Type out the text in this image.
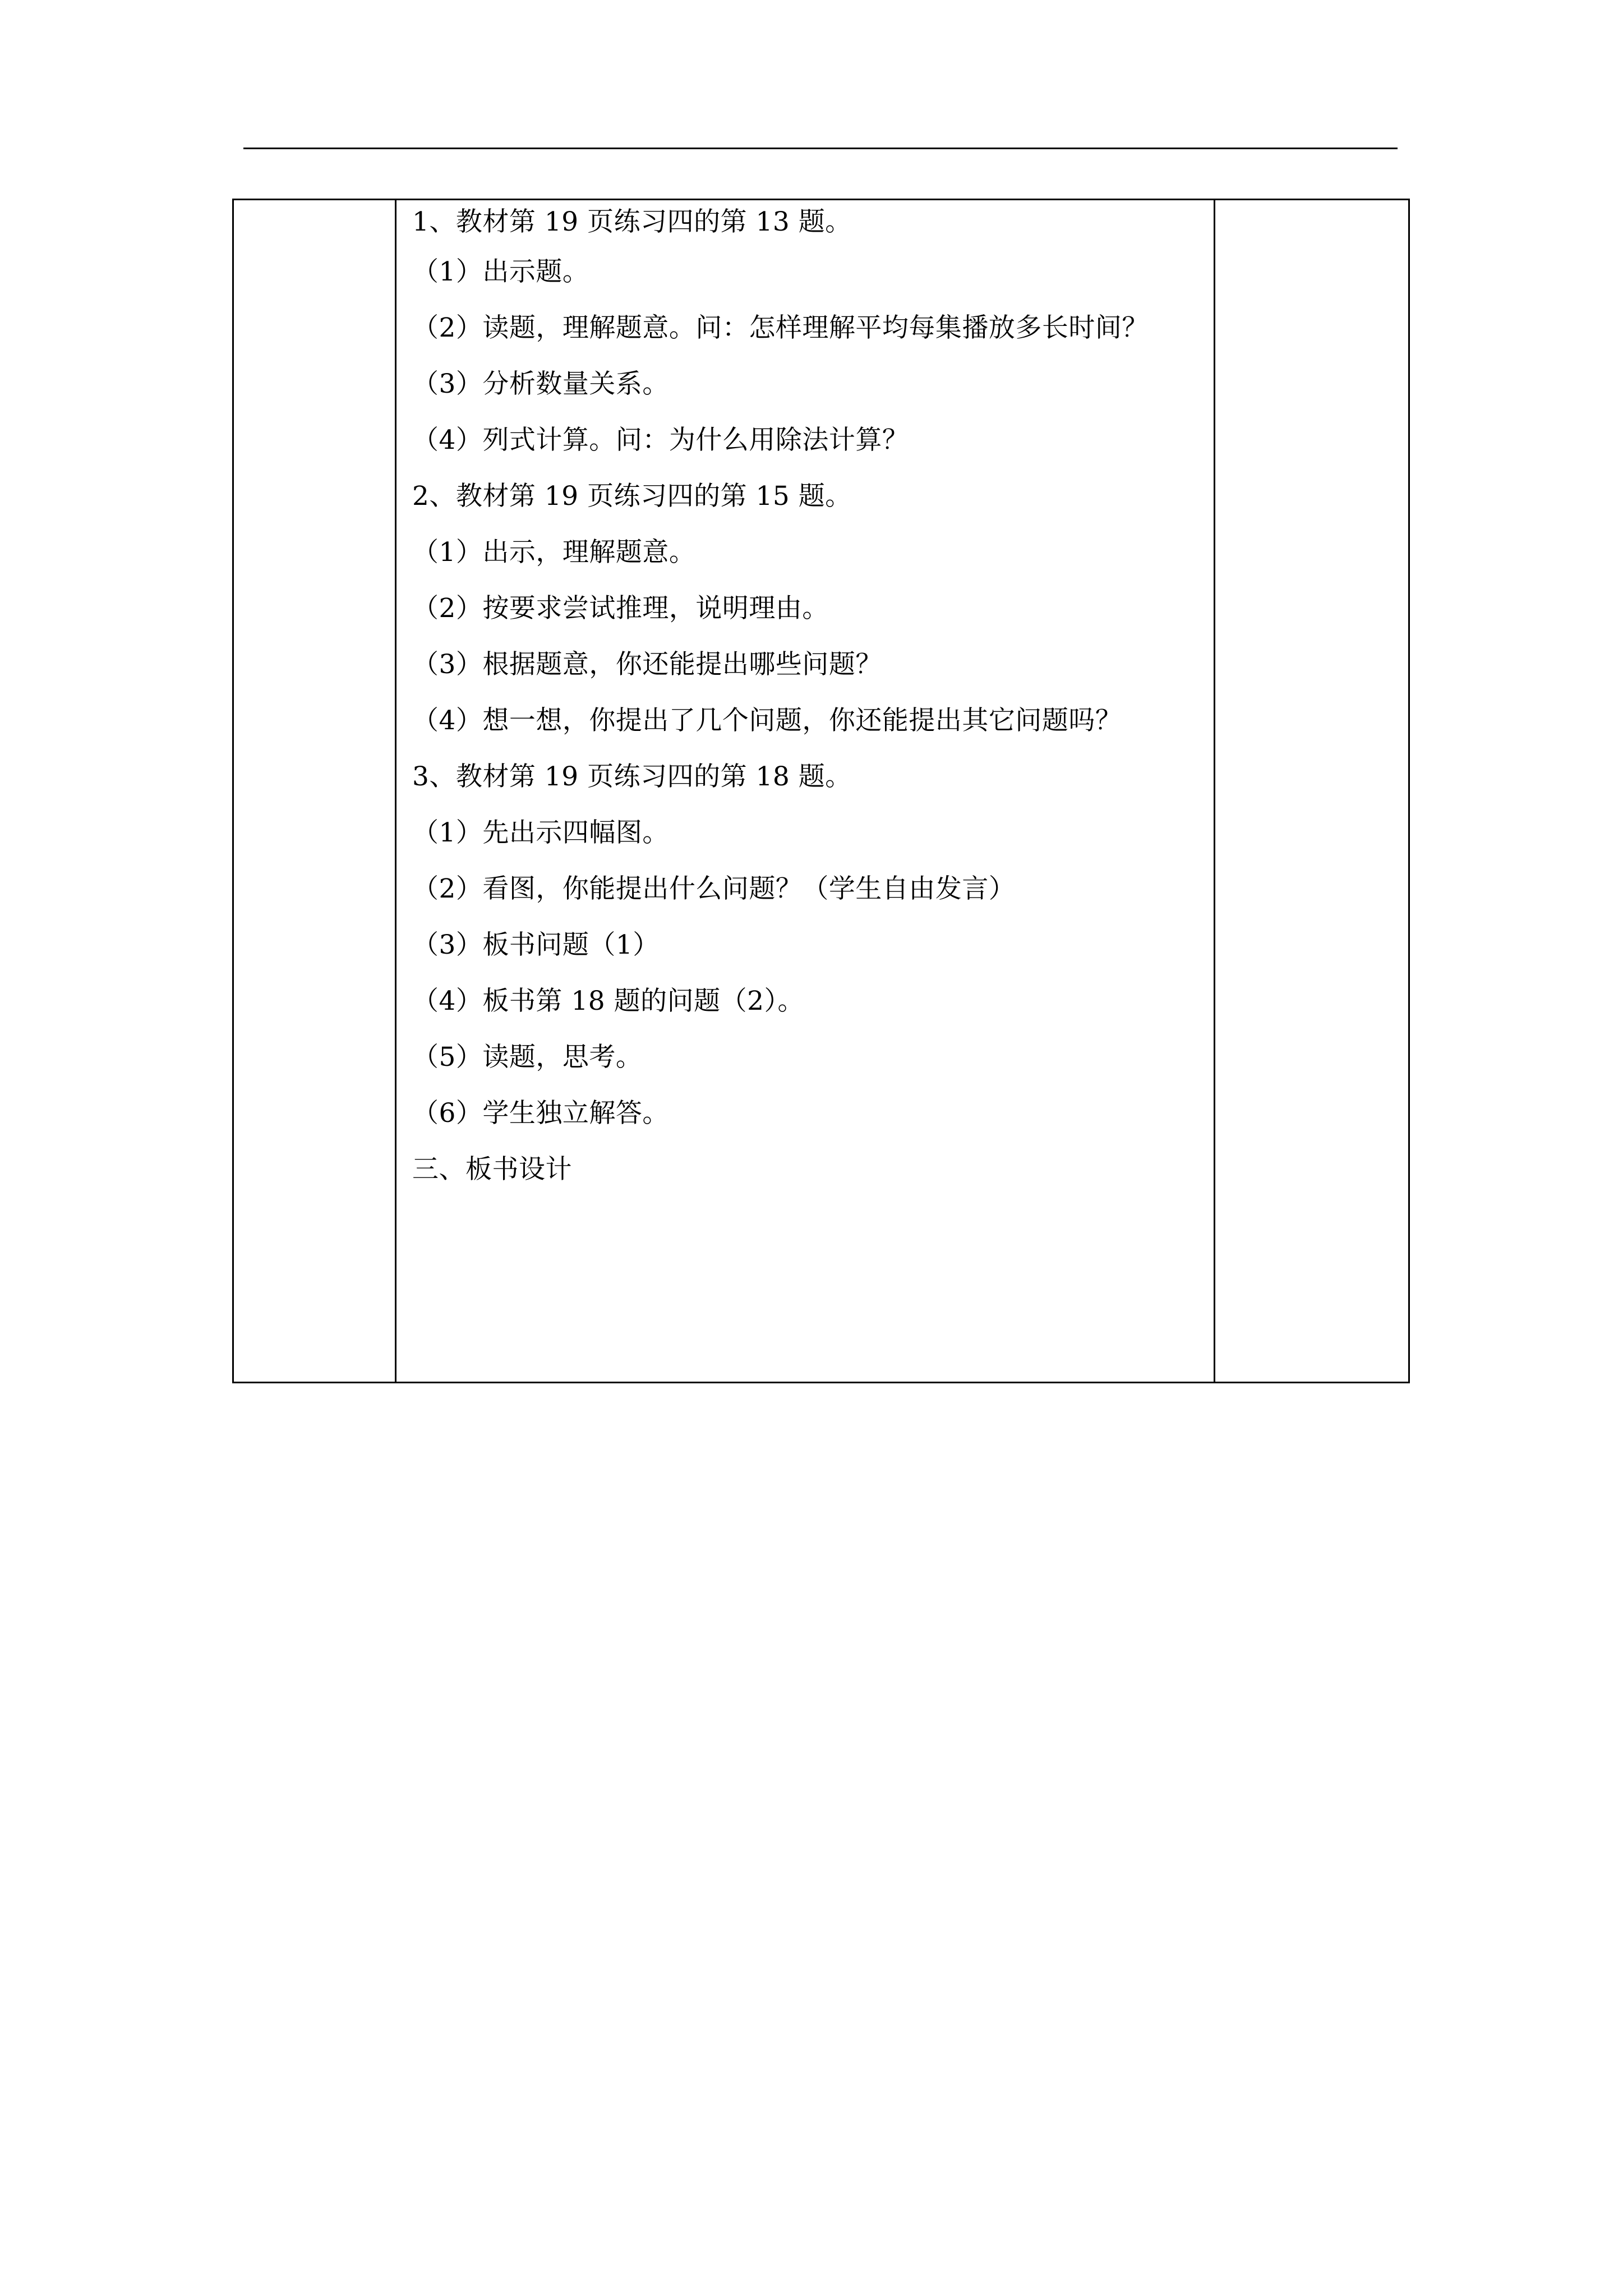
1、教材第 19 页练习四的第 13 题。
（1）出示题。
（2）读题，理解题意。问：怎样理解平均每集播放多长时间？
（3）分析数量关系。
（4）列式计算。问：为什么用除法计算？
2、教材第 19 页练习四的第 15 题。
（1）出示，理解题意。
（2）按要求尝试推理，说明理由。
（3）根据题意，你还能提出哪些问题？
（4）想一想，你提出了几个问题，你还能提出其它问题吗？
3、教材第 19 页练习四的第 18 题。
（1）先出示四幅图。
（2）看图，你能提出什么问题？（学生自由发言）
（3）板书问题（1）
（4）板书第 18 题的问题（2）。
（5）读题，思考。
（6）学生独立解答。
三、板书设计
